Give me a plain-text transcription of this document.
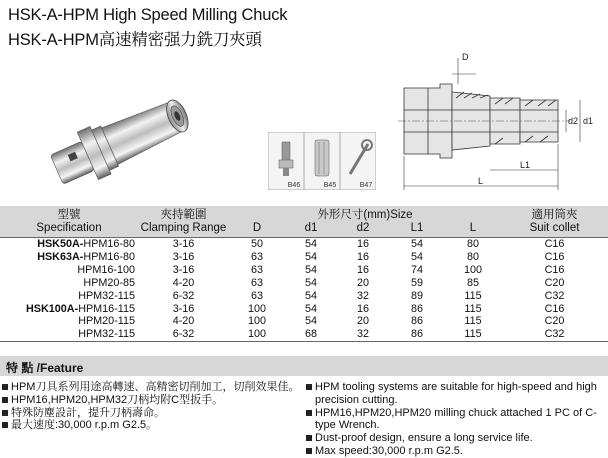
HSK-A-HPM High Speed Milling Chuck
HSK-A-HPM高速精密强力銑刀夾頭
B46	B45	B47
D
d2 d1
L1
L
型號	夾持範圍	外形尺寸(mm)Size					適用筒夾
Specification	Clamping Range	D	d1	d2	L1	L	Suit collet
HSK50A-HPM16-80	3-16	50	54	16	54	80	C16
HSK63A-HPM16-80	3-16	63	54	16	54	80	C16
HPM16-100	3-16	63	54	16	74	100	C16
HPM20-85	4-20	63	54	20	59	85	C20
HPM32-115	6-32	63	54	32	89	115	C32
HSK100A-HPM16-115	3-16	100	54	16	86	115	C16
HPM20-115	4-20	100	54	20	86	115	C20
HPM32-115	6-32	100	68	32	86	115	C32
特 點 /Feature
HPM刀具系列用途高轉速、高精密切削加工，切削效果佳。
HPM16,HPM20,HPM32刀柄均附C型扳手。
特殊防塵設計，提升刀柄壽命。
最大速度:30,000 r.p.m G2.5。
HPM tooling systems are suitable for high-speed and high precision cutting.
HPM16,HPM20,HPM20 milling chuck attached 1 PC of C-type Wrench.
Dust-proof design, ensure a long service life.
Max speed:30,000 r.p.m G2.5.
